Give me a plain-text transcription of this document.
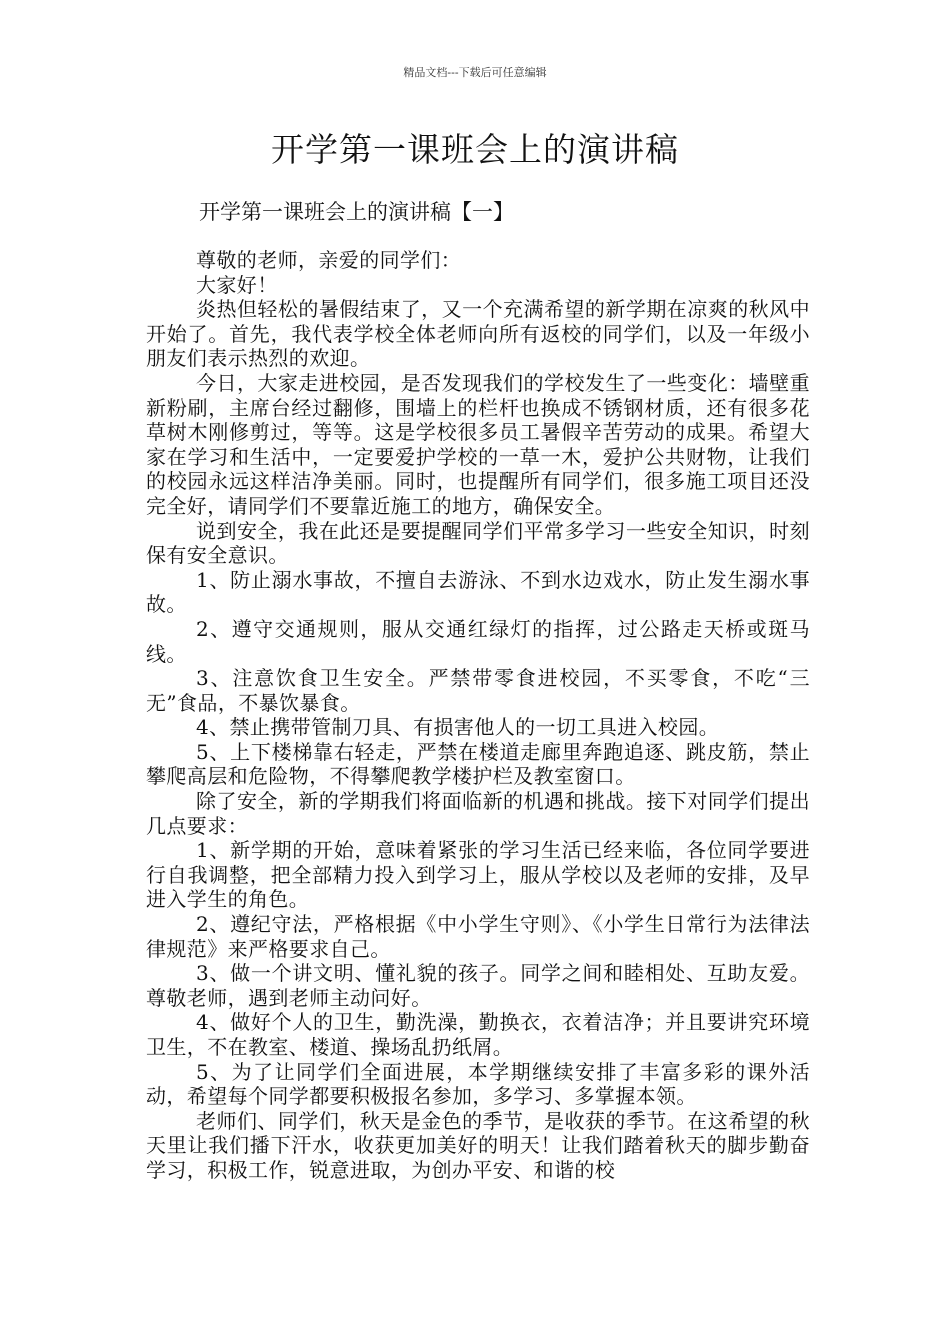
精品文档---下载后可任意编辑
开学第一课班会上的演讲稿
开学第一课班会上的演讲稿【一】

尊敬的老师，亲爱的同学们：

大家好！

炎热但轻松的暑假结束了，又一个充满希望的新学期在凉爽的秋风中开始了。首先，我代表学校全体老师向所有返校的同学们，以及一年级小朋友们表示热烈的欢迎。

今日，大家走进校园，是否发现我们的学校发生了一些变化：墙壁重新粉刷，主席台经过翻修，围墙上的栏杆也换成不锈钢材质，还有很多花草树木刚修剪过，等等。这是学校很多员工暑假辛苦劳动的成果。希望大家在学习和生活中，一定要爱护学校的一草一木，爱护公共财物，让我们的校园永远这样洁净美丽。同时，也提醒所有同学们，很多施工项目还没完全好，请同学们不要靠近施工的地方，确保安全。

说到安全，我在此还是要提醒同学们平常多学习一些安全知识，时刻保有安全意识。

1、防止溺水事故，不擅自去游泳、不到水边戏水，防止发生溺水事故。

2、遵守交通规则，服从交通红绿灯的指挥，过公路走天桥或斑马线。

3、注意饮食卫生安全。严禁带零食进校园，不买零食，不吃“三无”食品，不暴饮暴食。

4、禁止携带管制刀具、有损害他人的一切工具进入校园。

5、上下楼梯靠右轻走，严禁在楼道走廊里奔跑追逐、跳皮筋，禁止攀爬高层和危险物，不得攀爬教学楼护栏及教室窗口。

除了安全，新的学期我们将面临新的机遇和挑战。接下对同学们提出几点要求：

1、新学期的开始，意味着紧张的学习生活已经来临，各位同学要进行自我调整，把全部精力投入到学习上，服从学校以及老师的安排，及早进入学生的角色。

2、遵纪守法，严格根据《中小学生守则》、《小学生日常行为法律法律规范》来严格要求自己。

3、做一个讲文明、懂礼貌的孩子。同学之间和睦相处、互助友爱。尊敬老师，遇到老师主动问好。

4、做好个人的卫生，勤洗澡，勤换衣，衣着洁净；并且要讲究环境卫生，不在教室、楼道、操场乱扔纸屑。

5、为了让同学们全面进展，本学期继续安排了丰富多彩的课外活动，希望每个同学都要积极报名参加，多学习、多掌握本领。

老师们、同学们，秋天是金色的季节，是收获的季节。在这希望的秋天里让我们播下汗水，收获更加美好的明天！让我们踏着秋天的脚步勤奋学习，积极工作，锐意进取，为创办平安、和谐的校
